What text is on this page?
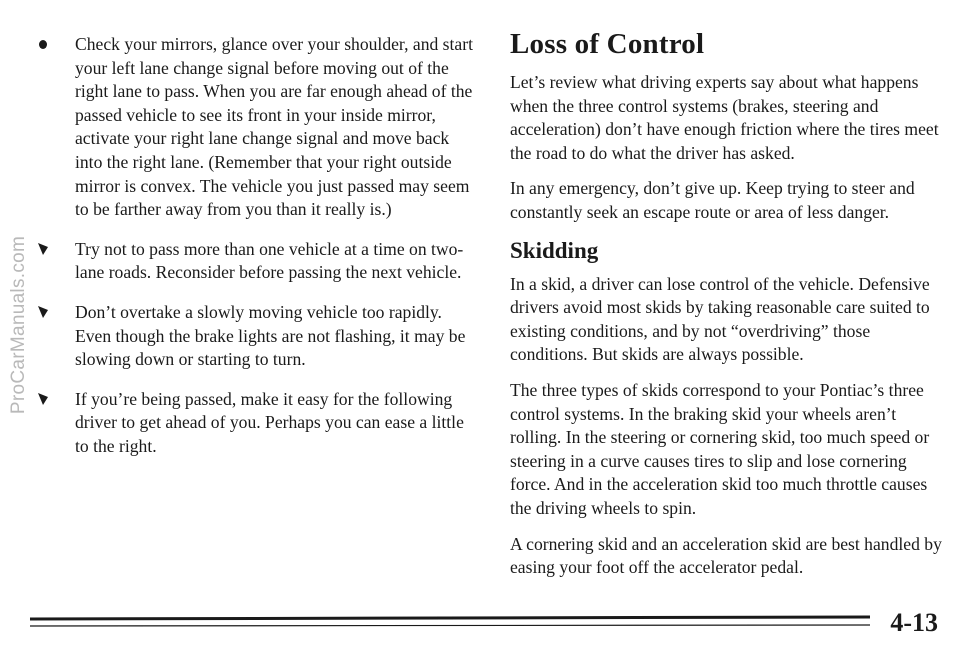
ProCarManuals.com
Check your mirrors, glance over your shoulder, and start your left lane change signal before moving out of the right lane to pass. When you are far enough ahead of the passed vehicle to see its front in your inside mirror, activate your right lane change signal and move back into the right lane. (Remember that your right outside mirror is convex. The vehicle you just passed may seem to be farther away from you than it really is.)
Try not to pass more than one vehicle at a time on two-lane roads. Reconsider before passing the next vehicle.
Don’t overtake a slowly moving vehicle too rapidly. Even though the brake lights are not flashing, it may be slowing down or starting to turn.
If you’re being passed, make it easy for the following driver to get ahead of you. Perhaps you can ease a little to the right.
Loss of Control

Let’s review what driving experts say about what happens when the three control systems (brakes, steering and acceleration) don’t have enough friction where the tires meet the road to do what the driver has asked.

In any emergency, don’t give up. Keep trying to steer and constantly seek an escape route or area of less danger.

Skidding

In a skid, a driver can lose control of the vehicle. Defensive drivers avoid most skids by taking reasonable care suited to existing conditions, and by not “overdriving” those conditions. But skids are always possible.

The three types of skids correspond to your Pontiac’s three control systems. In the braking skid your wheels aren’t rolling. In the steering or cornering skid, too much speed or steering in a curve causes tires to slip and lose cornering force. And in the acceleration skid too much throttle causes the driving wheels to spin.

A cornering skid and an acceleration skid are best handled by easing your foot off the accelerator pedal.

4-13
